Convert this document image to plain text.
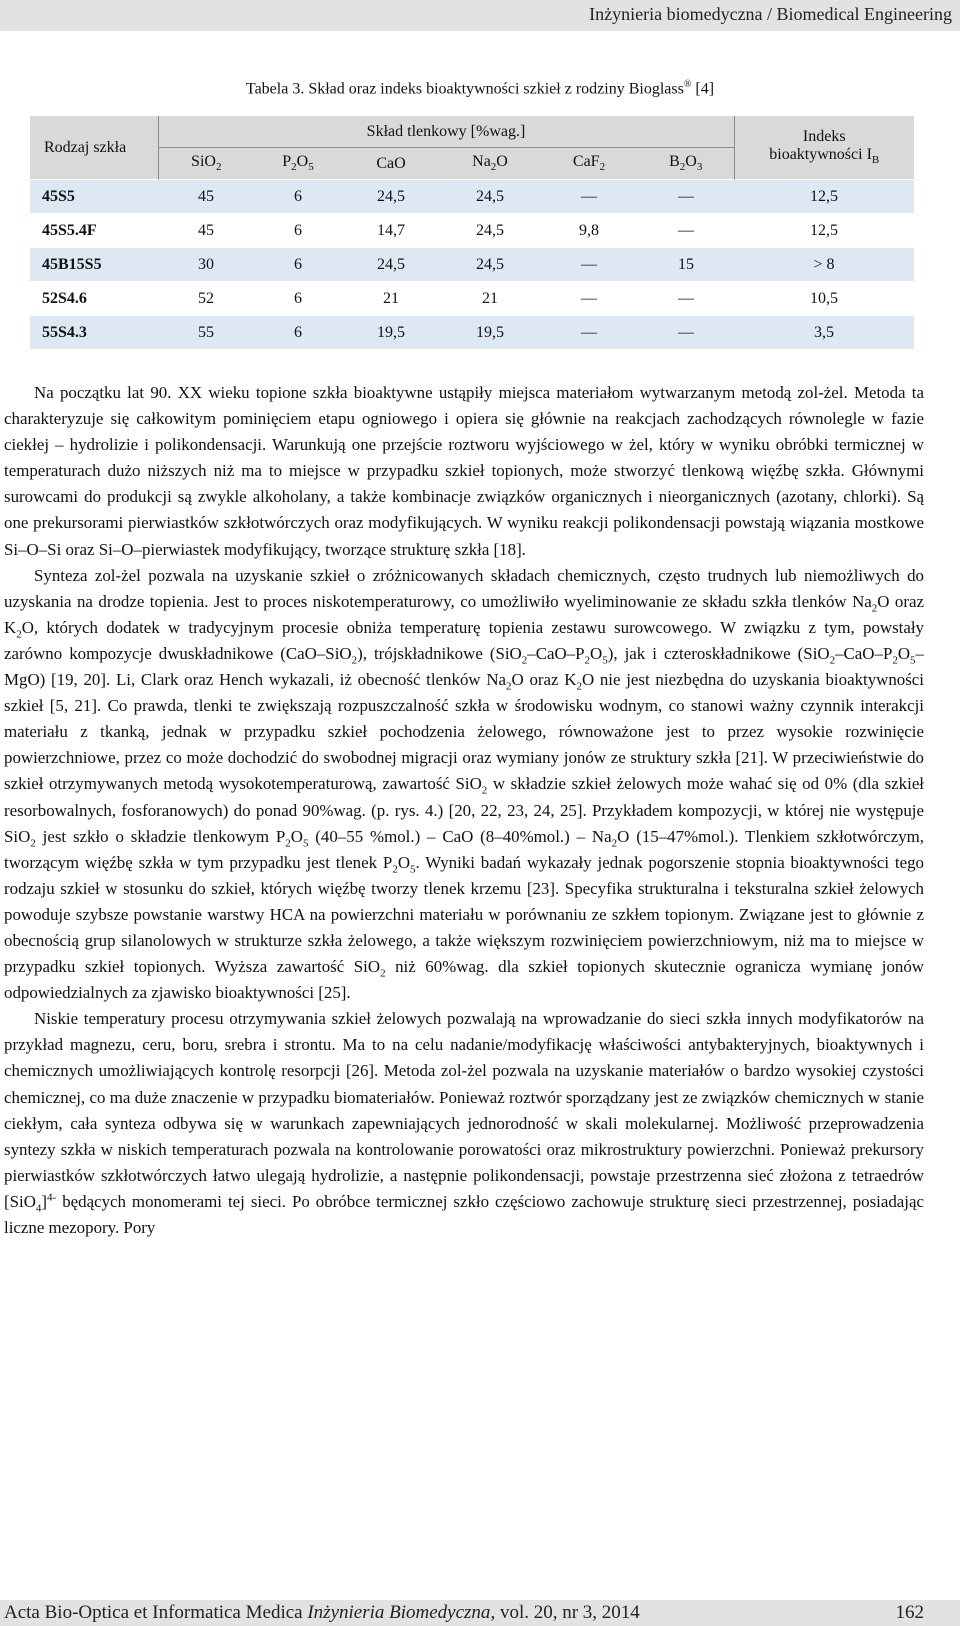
Inżynieria biomedyczna / Biomedical Engineering
Tabela 3. Skład oraz indeks bioaktywności szkieł z rodziny Bioglass® [4]
Rodzaj szkła	Skład tlenkowy [%wag.]						Indeks
bioaktywności $I_B$
	SiO$_2$	$P_2O_5$	CaO	$Na_2O$	CaF$_2$	$B_2O_3$
45S5	45	6	24,5	24,5	—	—	12,5
45S5.4F	45	6	14,7	24,5	9,8	—	12,5
45B15S5	30	6	24,5	24,5	—	15	> 8
52S4.6	52	6	21	21	—	—	10,5
55S4.3	55	6	19,5	19,5	—	—	3,5

Na początku lat 90. XX wieku topione szkła bioaktywne ustąpiły miejsca materiałom wytwarzanym metodą zol-żel. Metoda ta charakteryzuje się całkowitym pominięciem etapu ogniowego i opiera się głównie na reakcjach zachodzących równolegle w fazie ciekłej – hydrolizie i polikondensacji. Warunkują one przejście roztworu wyjściowego w żel, który w wyniku obróbki termicznej w temperaturach dużo niższych niż ma to miejsce w przypadku szkieł topionych, może stworzyć tlenkową więźbę szkła. Głównymi surowcami do produkcji są zwykle alkoholany, a także kombinacje związków organicznych i nieorganicznych (azotany, chlorki). Są one prekursorami pierwiastków szkłotwórczych oraz modyfikujących. W wyniku reakcji polikondensacji powstają wiązania mostkowe Si–O–Si oraz Si–O–pierwiastek modyfikujący, tworzące strukturę szkła [18].

Synteza zol-żel pozwala na uzyskanie szkieł o zróżnicowanych składach chemicznych, często trudnych lub niemożliwych do uzyskania na drodze topienia. Jest to proces niskotemperaturowy, co umożliwiło wyeliminowanie ze składu szkła tlenków $Na_2O$ oraz $K_2O$, których dodatek w tradycyjnym procesie obniża temperaturę topienia zestawu surowcowego. W związku z tym, powstały zarówno kompozycje dwuskładnikowe (CaO–SiO$_2$), trójskładnikowe $(SiO_2-CaO-P_2O_5)$, jak i czteroskładnikowe $(SiO_2-CaO-P_2O_5-MgO)$ [19, 20]. Li, Clark oraz Hench wykazali, iż obecność tlenków $Na_2O$ oraz $K_2O$ nie jest niezbędna do uzyskania bioaktywności szkieł [5, 21]. Co prawda, tlenki te zwiększają rozpuszczalność szkła w środowisku wodnym, co stanowi ważny czynnik interakcji materiału z tkanką, jednak w przypadku szkieł pochodzenia żelowego, równoważone jest to przez wysokie rozwinięcie powierzchniowe, przez co może dochodzić do swobodnej migracji oraz wymiany jonów ze struktury szkła [21]. W przeciwieństwie do szkieł otrzymywanych metodą wysokotemperaturową, zawartość SiO$_2$ w składzie szkieł żelowych może wahać się od 0% (dla szkieł resorbowalnych, fosforanowych) do ponad 90%wag. (p. rys. 4.) [20, 22, 23, 24, 25]. Przykładem kompozycji, w której nie występuje SiO$_2$ jest szkło o składzie tlenkowym $P_2O_5$ (40–55 %mol.) – CaO $(8-40\%mol.) - Na_2O$ (15–47%mol.). Tlenkiem szkłotwórczym, tworzącym więźbę szkła w tym przypadku jest tlenek $P_2O_5$. Wyniki badań wykazały jednak pogorszenie stopnia bioaktywności tego rodzaju szkieł w stosunku do szkieł, których więźbę tworzy tlenek krzemu [23]. Specyfika strukturalna i teksturalna szkieł żelowych powoduje szybsze powstanie warstwy HCA na powierzchni materiału w porównaniu ze szkłem topionym. Związane jest to głównie z obecnością grup silanolowych w strukturze szkła żelowego, a także większym rozwinięciem powierzchniowym, niż ma to miejsce w przypadku szkieł topionych. Wyższa zawartość SiO$_2$ niż 60%wag. dla szkieł topionych skutecznie ogranicza wymianę jonów odpowiedzialnych za zjawisko bioaktywności [25].

Niskie temperatury procesu otrzymywania szkieł żelowych pozwalają na wprowadzanie do sieci szkła innych modyfikatorów na przykład magnezu, ceru, boru, srebra i strontu. Ma to na celu nadanie/modyfikację właściwości antybakteryjnych, bioaktywnych i chemicznych umożliwiających kontrolę resorpcji [26]. Metoda zol-żel pozwala na uzyskanie materiałów o bardzo wysokiej czystości chemicznej, co ma duże znaczenie w przypadku biomateriałów. Ponieważ roztwór sporządzany jest ze związków chemicznych w stanie ciekłym, cała synteza odbywa się w warunkach zapewniających jednorodność w skali molekularnej. Możliwość przeprowadzenia syntezy szkła w niskich temperaturach pozwala na kontrolowanie porowatości oraz mikrostruktury powierzchni. Ponieważ prekursory pierwiastków szkłotwórczych łatwo ulegają hydrolizie, a następnie polikondensacji, powstaje przestrzenna sieć złożona z tetraedrów $[SiO_4]^{4-}$ będących monomerami tej sieci. Po obróbce termicznej szkło częściowo zachowuje strukturę sieci przestrzennej, posiadając liczne mezopory. Pory

Acta Bio-Optica et Informatica Medica Inżynieria Biomedyczna, vol. 20, nr 3, 2014	162
